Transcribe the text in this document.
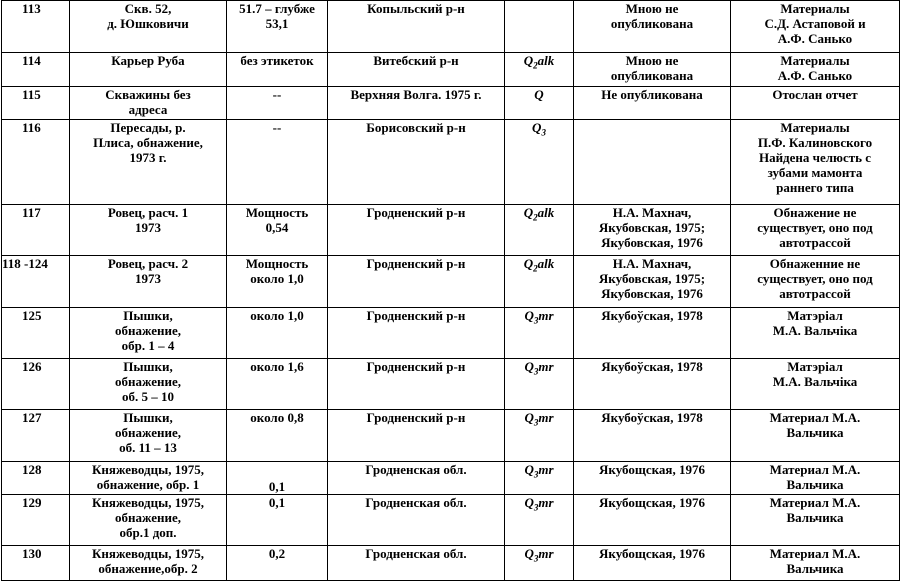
113	Скв. 52,
д. Юшковичи	51.7 – глубже
53,1	Копыльский р-н		Мною не
опубликована	Материалы
С.Д. Астаповой и
А.Ф. Санько

114	Карьер Руба	без этикеток	Витебский р-н	$Q_2alk$	Мною не
опубликована	Материалы
А.Ф. Санько

115	Скважины без
адреса	--	Верхняя Волга. 1975 г.	Q	Не опубликована	Отослан отчет

116	Пересады, р.
Плиса, обнажение,
1973 г.	--	Борисовский р-н	$Q_3$		Материалы
П.Ф. Калиновского
Найдена челюсть с
зубами мамонта
раннего типа

117	Ровец, расч. 1
1973	Мощность
0,54	Гродненский р-н	$Q_2alk$	Н.А. Махнач,
Якубовская, 1975;
Якубовская, 1976	Обнажение не
существует, оно под
автотрассой

118 -124	Ровец, расч. 2
1973	Мощность
около 1,0	Гродненский р-н	$Q_2alk$	Н.А. Махнач,
Якубовская, 1975;
Якубовская, 1976	Обнаженние не
существует, оно под
автотрассой

125	Пышки,
обнажение,
обр. 1 – 4	около 1,0	Гродненский р-н	$Q_3mr$	Якубоўская, 1978	Матэрiал
М.А. Вальчiка

126	Пышки,
обнажение,
об. 5 – 10	около 1,6	Гродненский р-н	$Q_3mr$	Якубоўская, 1978	Матэрiал
М.А. Вальчiка

127	Пышки,
обнажение,
об. 11 – 13	около 0,8	Гродненский р-н	$Q_3mr$	Якубоўская, 1978	Материал М.А.
Вальчика

128	Княжеводцы, 1975,
обнажение, обр. 1	0,1	Гродненская обл.	$Q_3mr$	Якубощская, 1976	Материал М.А.
Вальчика

129	Княжеводцы, 1975,
обнажение,
обр.1 доп.	0,1	Гродненская обл.	$Q_3mr$	Якубощская, 1976	Материал М.А.
Вальчика

130	Княжеводцы, 1975,
обнажение,обр. 2	0,2	Гродненская обл.	$Q_3mr$	Якубощская, 1976	Материал М.А.
Вальчика
